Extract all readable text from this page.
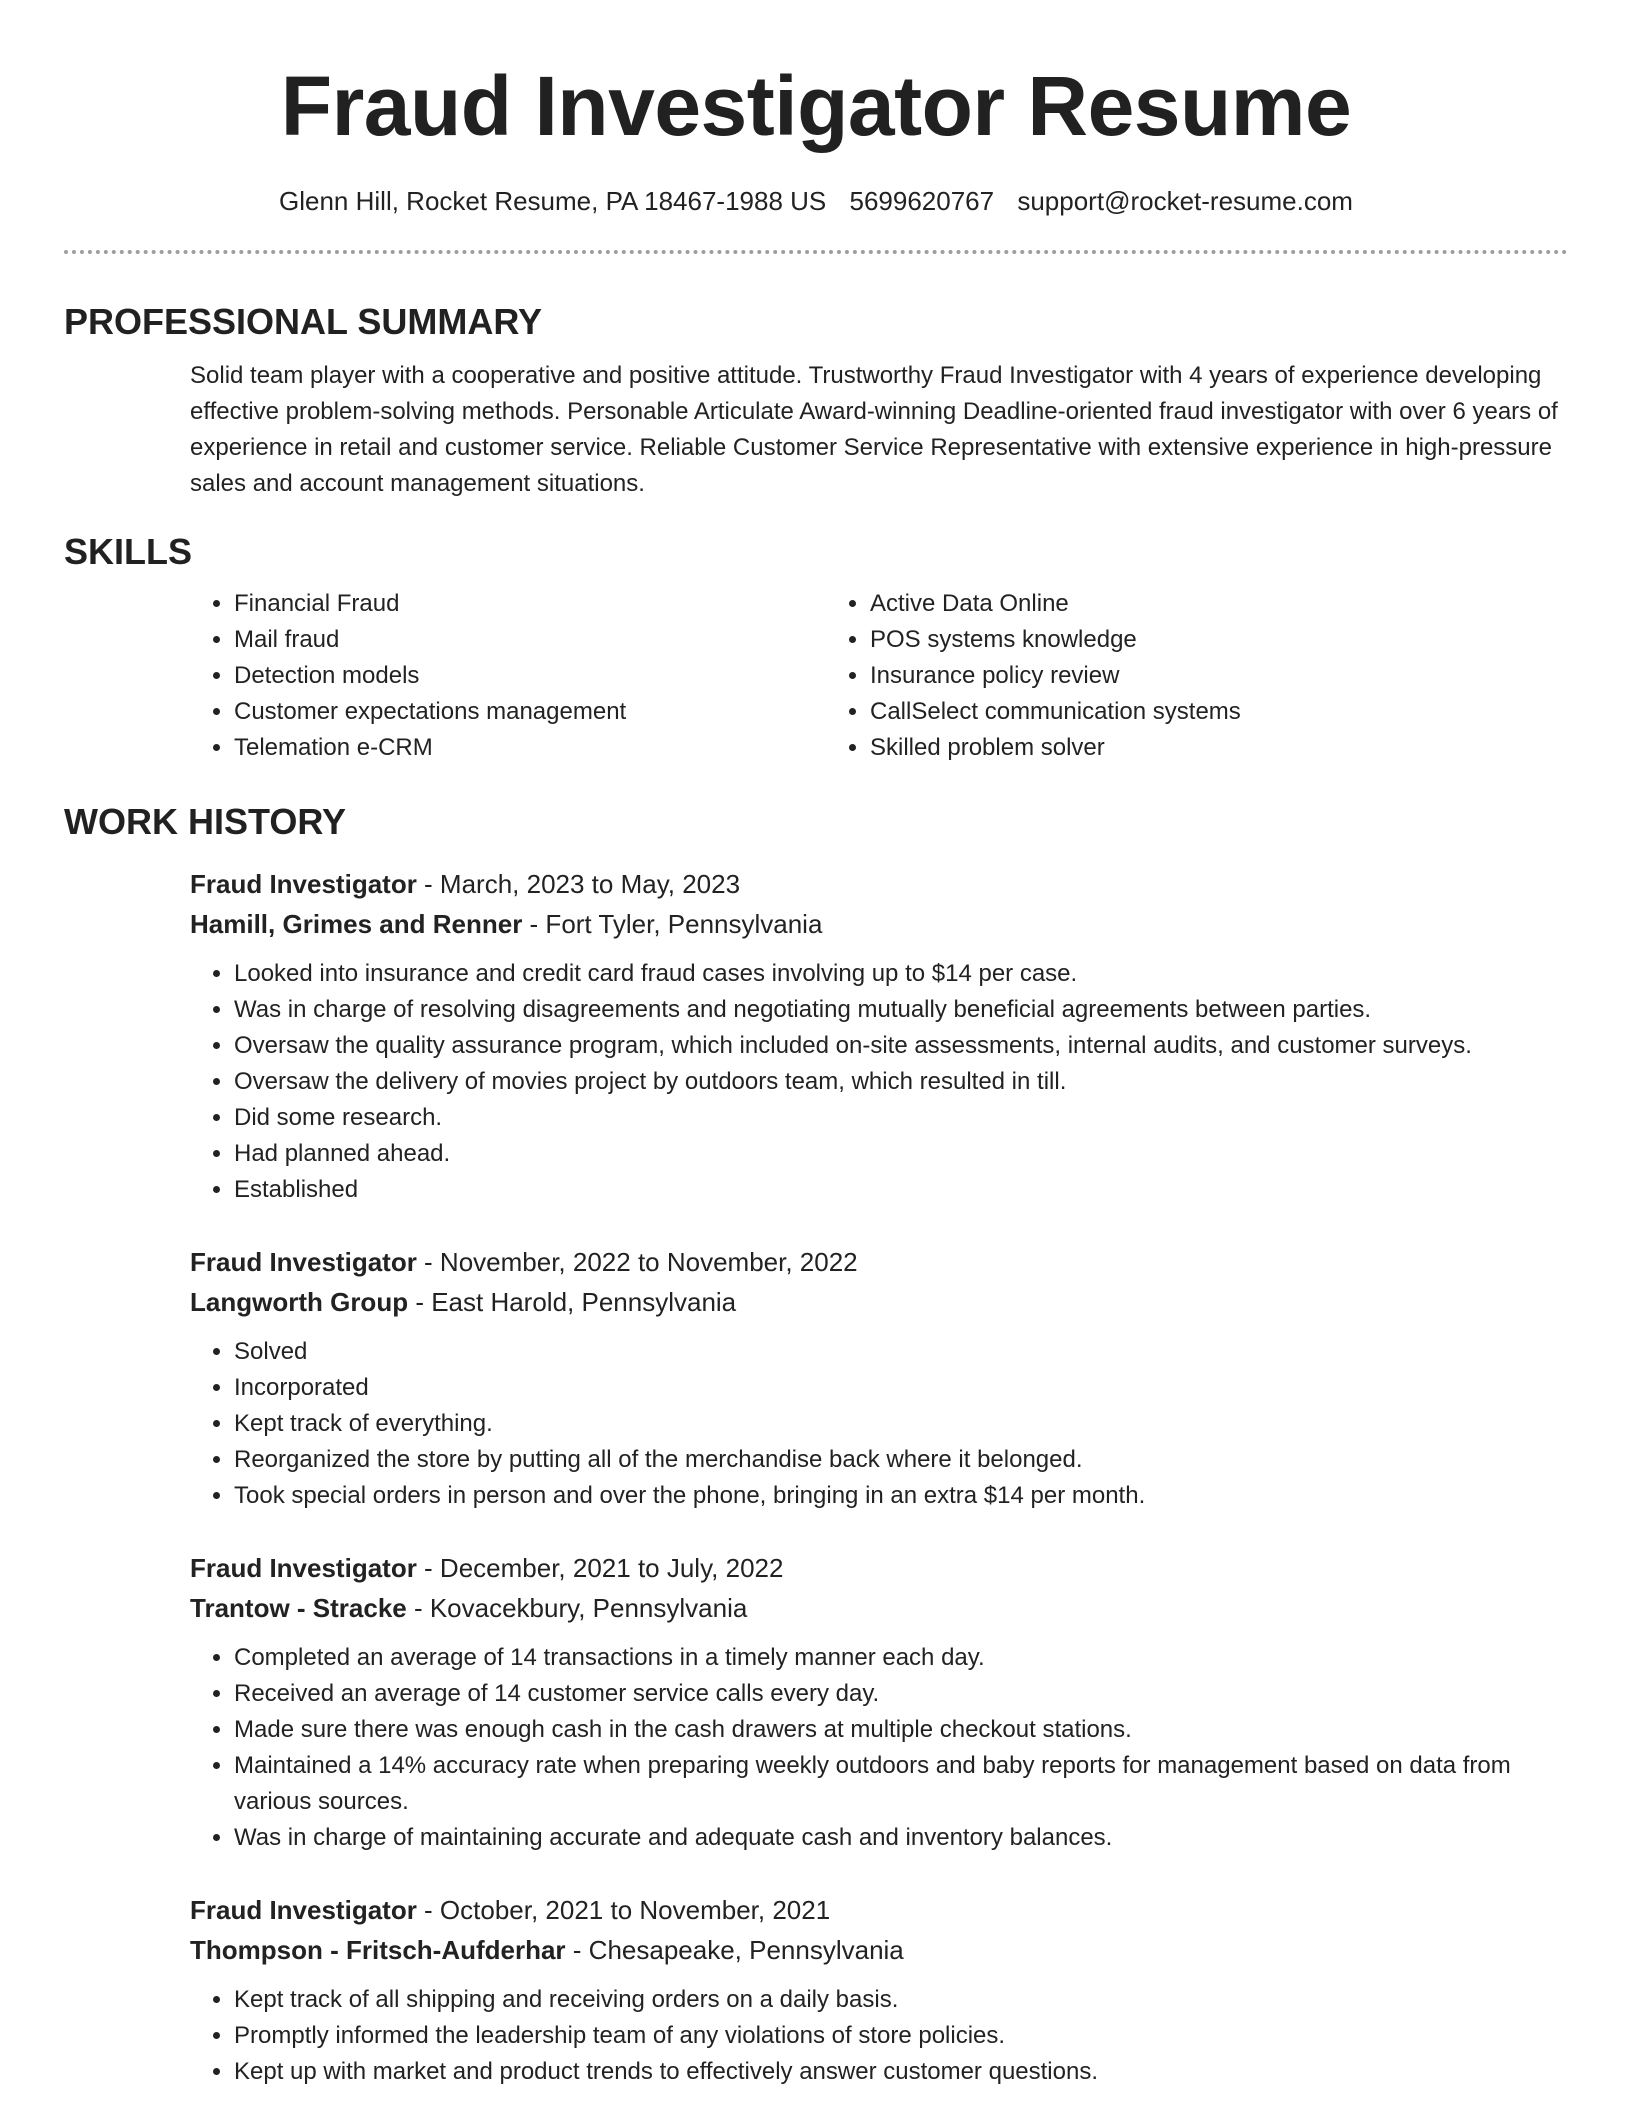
Fraud Investigator Resume
Glenn Hill, Rocket Resume, PA 18467-1988 US 5699620767 support@rocket-resume.com
PROFESSIONAL SUMMARY

Solid team player with a cooperative and positive attitude. Trustworthy Fraud Investigator with 4 years of experience developing effective problem-solving methods. Personable Articulate Award-winning Deadline-oriented fraud investigator with over 6 years of experience in retail and customer service. Reliable Customer Service Representative with extensive experience in high-pressure sales and account management situations.

SKILLS
• Financial Fraud
• Mail fraud
• Detection models
• Customer expectations management
• Telemation e-CRM
• Active Data Online
• POS systems knowledge
• Insurance policy review
• CallSelect communication systems
• Skilled problem solver
WORK HISTORY
Fraud Investigator - March, 2023 to May, 2023
Hamill, Grimes and Renner - Fort Tyler, Pennsylvania
• Looked into insurance and credit card fraud cases involving up to $14 per case.
• Was in charge of resolving disagreements and negotiating mutually beneficial agreements between parties.
• Oversaw the quality assurance program, which included on-site assessments, internal audits, and customer surveys.
• Oversaw the delivery of movies project by outdoors team, which resulted in till.
• Did some research.
• Had planned ahead.
• Established
Fraud Investigator - November, 2022 to November, 2022
Langworth Group - East Harold, Pennsylvania
• Solved
• Incorporated
• Kept track of everything.
• Reorganized the store by putting all of the merchandise back where it belonged.
• Took special orders in person and over the phone, bringing in an extra $14 per month.
Fraud Investigator - December, 2021 to July, 2022
Trantow - Stracke - Kovacekbury, Pennsylvania
• Completed an average of 14 transactions in a timely manner each day.
• Received an average of 14 customer service calls every day.
• Made sure there was enough cash in the cash drawers at multiple checkout stations.
• Maintained a 14% accuracy rate when preparing weekly outdoors and baby reports for management based on data from various sources.
• Was in charge of maintaining accurate and adequate cash and inventory balances.
Fraud Investigator - October, 2021 to November, 2021
Thompson - Fritsch-Aufderhar - Chesapeake, Pennsylvania
• Kept track of all shipping and receiving orders on a daily basis.
• Promptly informed the leadership team of any violations of store policies.
• Kept up with market and product trends to effectively answer customer questions.
